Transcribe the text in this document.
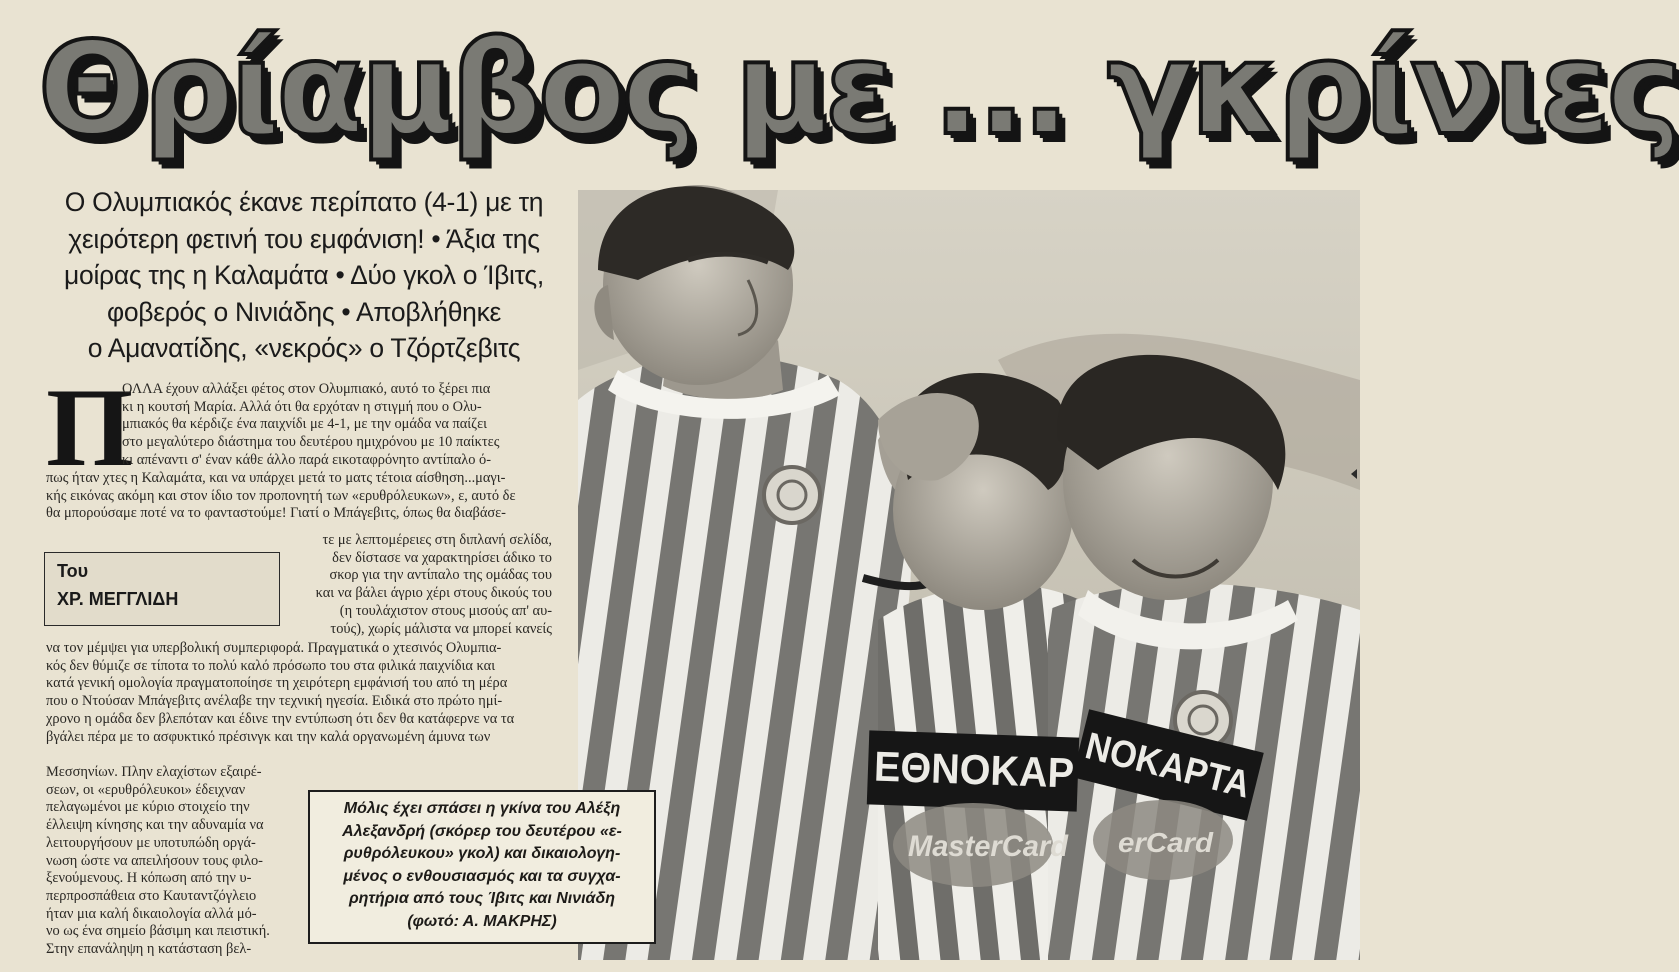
Θρίαμβος με ... γκρίνιες
Ο Ολυμπιακός έκανε περίπατο (4-1) με τη
χειρότερη φετινή του εμφάνιση! • Άξια της
μοίρας της η Καλαμάτα • Δύο γκολ ο Ίβιτς,
φοβερός ο Νινιάδης • Αποβλήθηκε
ο Αμανατίδης, «νεκρός» ο Τζόρτζεβιτς
Π
ΟΛΛΑ έχουν αλλάξει φέτος στον Ολυμπιακό, αυτό το ξέρει πια
κι η κουτσή Μαρία. Αλλά ότι θα ερχόταν η στιγμή που ο Ολυ-
μπιακός θα κέρδιζε ένα παιχνίδι με 4-1, με την ομάδα να παίζει
στο μεγαλύτερο διάστημα του δευτέρου ημιχρόνου με 10 παίκτες
κι απέναντι σ' έναν κάθε άλλο παρά εικοταφρόνητο αντίπαλο ό-
πως ήταν χτες η Καλαμάτα, και να υπάρχει μετά το ματς τέτοια αίσθηση...μαγι-
κής εικόνας ακόμη και στον ίδιο τον προπονητή των «ερυθρόλευκων», ε, αυτό δε
θα μπορούσαμε ποτέ να το φανταστούμε! Γιατί ο Μπάγεβιτς, όπως θα διαβάσε-
τε με λεπτομέρειες στη διπλανή σελίδα,
δεν δίστασε να χαρακτηρίσει άδικο το
σκορ για την αντίπαλο της ομάδας του
και να βάλει άγριο χέρι στους δικούς του
(η τουλάχιστον στους μισούς απ' αυ-
τούς), χωρίς μάλιστα να μπορεί κανείς
Του
ΧΡ. ΜΕΓΓΛΙΔΗ
να τον μέμψει για υπερβολική συμπεριφορά. Πραγματικά ο χτεσινός Ολυμπια-
κός δεν θύμιζε σε τίποτα το πολύ καλό πρόσωπο του στα φιλικά παιχνίδια και
κατά γενική ομολογία πραγματοποίησε τη χειρότερη εμφάνισή του από τη μέρα
που ο Ντούσαν Μπάγεβιτς ανέλαβε την τεχνική ηγεσία. Ειδικά στο πρώτο ημί-
χρονο η ομάδα δεν βλεπόταν και έδινε την εντύπωση ότι δεν θα κατάφερνε να τα
βγάλει πέρα με το ασφυκτικό πρέσινγκ και την καλά οργανωμένη άμυνα των
Μεσσηνίων. Πλην ελαχίστων εξαιρέ-
σεων, οι «ερυθρόλευκοι» έδειχναν
πελαγωμένοι με κύριο στοιχείο την
έλλειψη κίνησης και την αδυναμία να
λειτουργήσουν με υποτυπώδη οργά-
νωση ώστε να απειλήσουν τους φιλο-
ξενούμενους. Η κόπωση από την υ-
περπροσπάθεια στο Καυταντζόγλειο
ήταν μια καλή δικαιολογία αλλά μό-
νο ως ένα σημείο βάσιμη και πειστική.
Στην επανάληψη η κατάσταση βελ-
ΕΘΝΟΚΑΡ
MasterCard
ΝΟΚΑΡΤΑ
erCard
Μόλις έχει σπάσει η γκίνα του Αλέξη
Αλεξανδρή (σκόρερ του δευτέρου «ε-
ρυθρόλευκου» γκολ) και δικαιολογη-
μένος ο ενθουσιασμός και τα συγχα-
ρητήρια από τους Ίβιτς και Νινιάδη
(φωτό: Α. ΜΑΚΡΗΣ)
